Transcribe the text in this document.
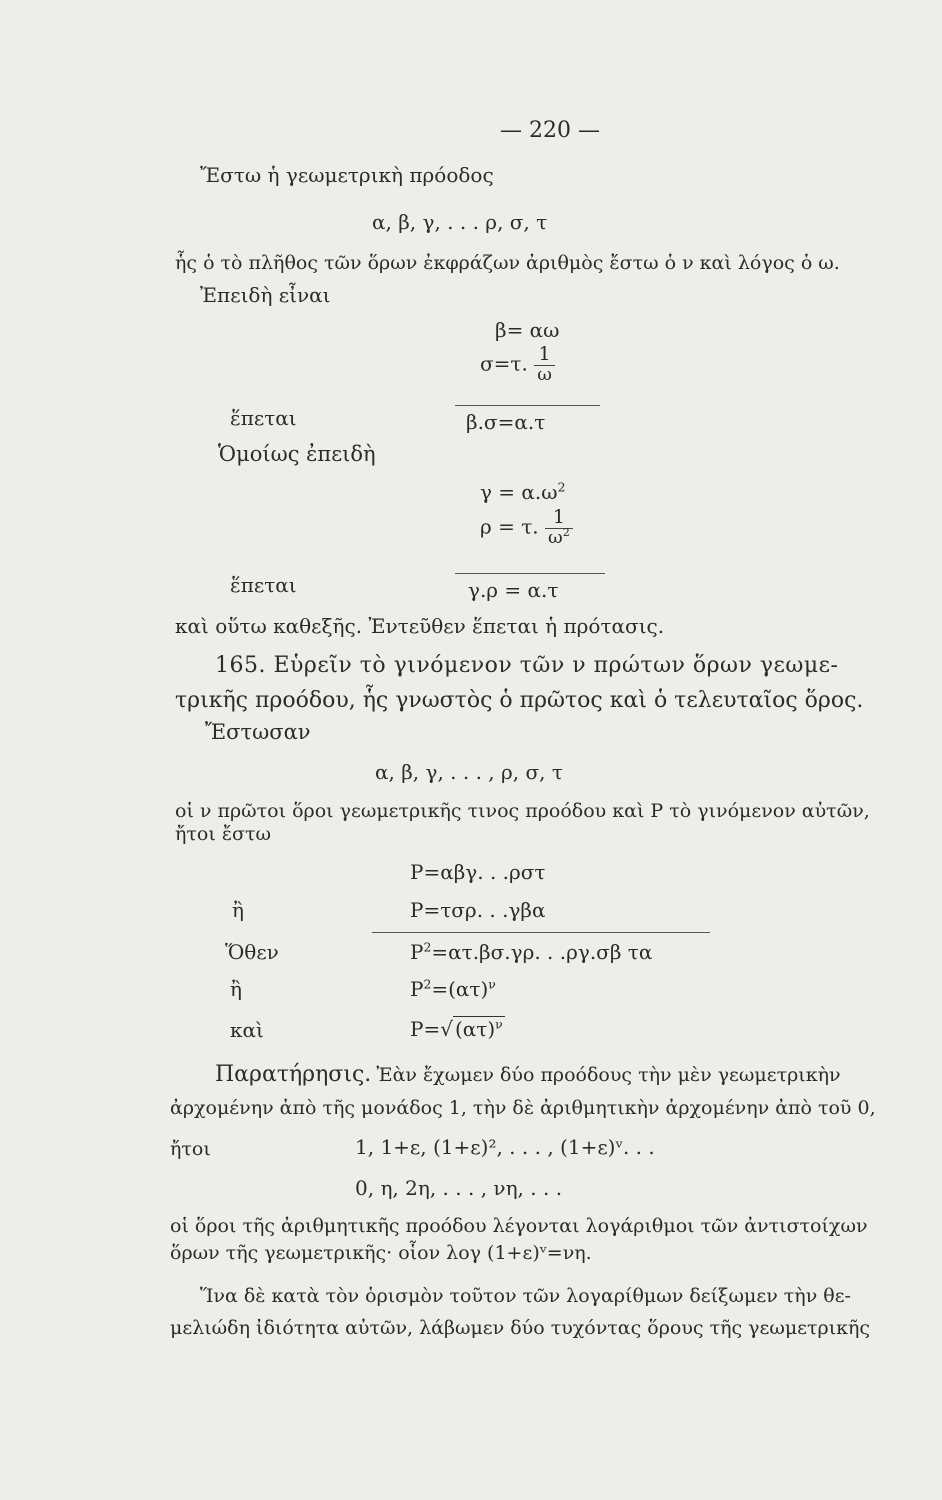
— 220 —
Ἔστω ἡ γεωμετρικὴ πρόοδος
α, β, γ, . . . ρ, σ, τ
ἧς ὁ τὸ πλῆθος τῶν ὅρων ἐκφράζων ἀριθμὸς ἔστω ὁ ν καὶ λόγος ὁ ω.
Ἐπειδὴ εἶναι
β= αω
σ=τ. $\frac{1}{\omega}$
ἕπεται	β.σ=α.τ
Ὁμοίως ἐπειδὴ
$\gamma = \alpha.\omega^2$
ρ = τ. $\frac{1}{\omega^2}$
ἕπεται	γ.ρ = α.τ
καὶ οὕτω καθεξῆς. Ἐντεῦθεν ἕπεται ἡ πρότασις.
165. Εὑρεῖν τὸ γινόμενον τῶν ν πρώτων ὅρων γεωμε-
τρικῆς προόδου, ἧς γνωστὸς ὁ πρῶτος καὶ ὁ τελευταῖος ὅρος.
Ἔστωσαν
α, β, γ, . . . , ρ, σ, τ
οἱ ν πρῶτοι ὅροι γεωμετρικῆς τινος προόδου καὶ Ρ τὸ γινόμενον αὐτῶν,
ἤτοι ἔστω
Ρ=αβγ. . .ρστ
ἢ	Ρ=τσρ. . .γβα
Ὅθεν	$P^2=\alpha\tau.\beta\sigma.\gamma\rho$. . .ργ.σβ τα
ἢ	$P^2=(\alpha\tau)^\nu$
καὶ	Ρ=√ $(\alpha\tau)^\nu$
Παρατήρησις. Ἐὰν ἔχωμεν δύο προόδους τὴν μὲν γεωμετρικὴν
ἀρχομένην ἀπὸ τῆς μονάδος 1, τὴν δὲ ἀριθμητικὴν ἀρχομένην ἀπὸ τοῦ 0,
ἤτοι	1, 1+ε, (1+ε)², . . . , (1+ε)ᵛ. . .
0, η, 2η, . . . , νη, . . .
οἱ ὅροι τῆς ἀριθμητικῆς προόδου λέγονται λογάριθμοι τῶν ἀντιστοίχων
ὅρων τῆς γεωμετρικῆς· οἷον λογ (1+ε)ᵛ=νη.
Ἵνα δὲ κατὰ τὸν ὁρισμὸν τοῦτον τῶν λογαρίθμων δείξωμεν τὴν θε-
μελιώδη ἰδιότητα αὐτῶν, λάβωμεν δύο τυχόντας ὅρους τῆς γεωμετρικῆς
